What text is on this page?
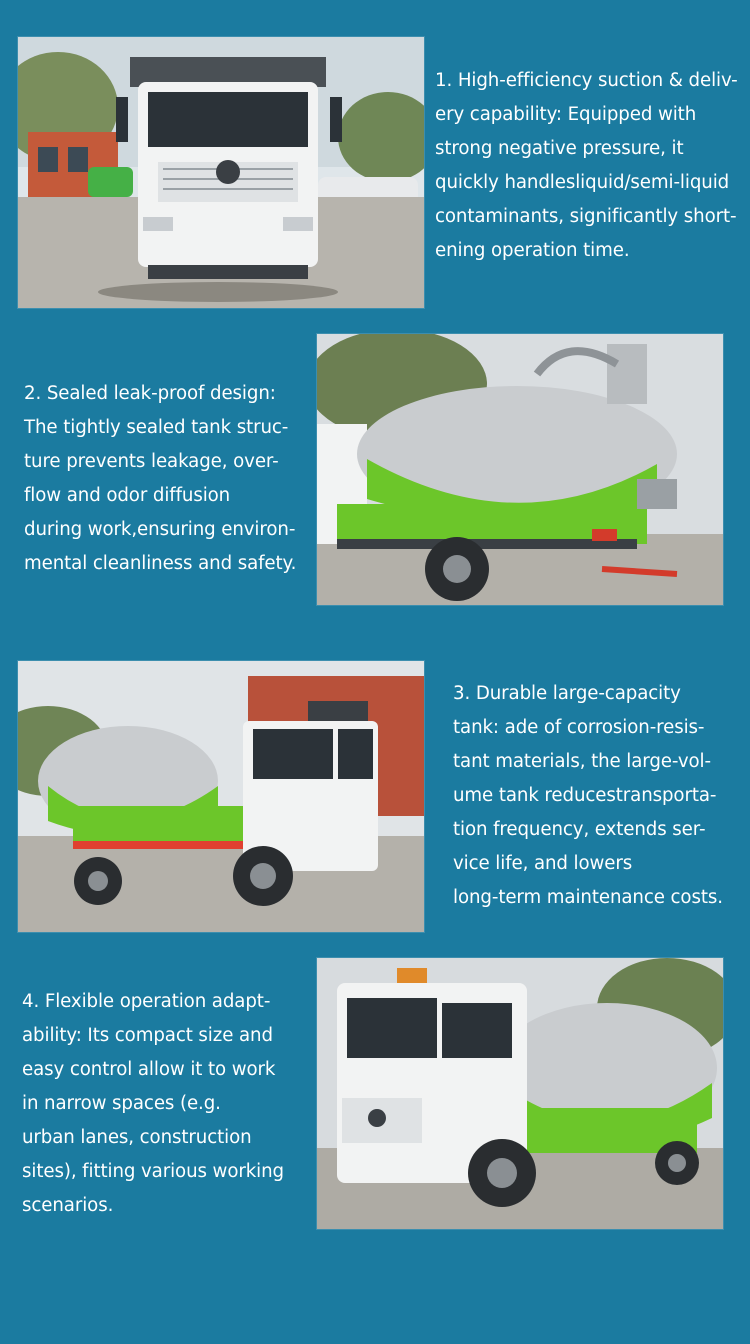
1. High-efficiency suction & deliv-
ery capability: Equipped with
strong negative pressure, it
quickly handlesliquid/semi-liquid
contaminants, significantly short-
ening operation time.
2. Sealed leak-proof design:
The tightly sealed tank struc-
ture prevents leakage, over-
flow and odor diffusion
during work,ensuring environ-
mental cleanliness and safety.
3. Durable large-capacity
tank: ade of corrosion-resis-
tant materials, the large-vol-
ume tank reducestransporta-
tion frequency, extends ser-
vice life, and lowers
long-term maintenance costs.
4. Flexible operation adapt-
ability: Its compact size and
easy control allow it to work
in narrow spaces (e.g.
urban lanes, construction
sites), fitting various working
scenarios.
